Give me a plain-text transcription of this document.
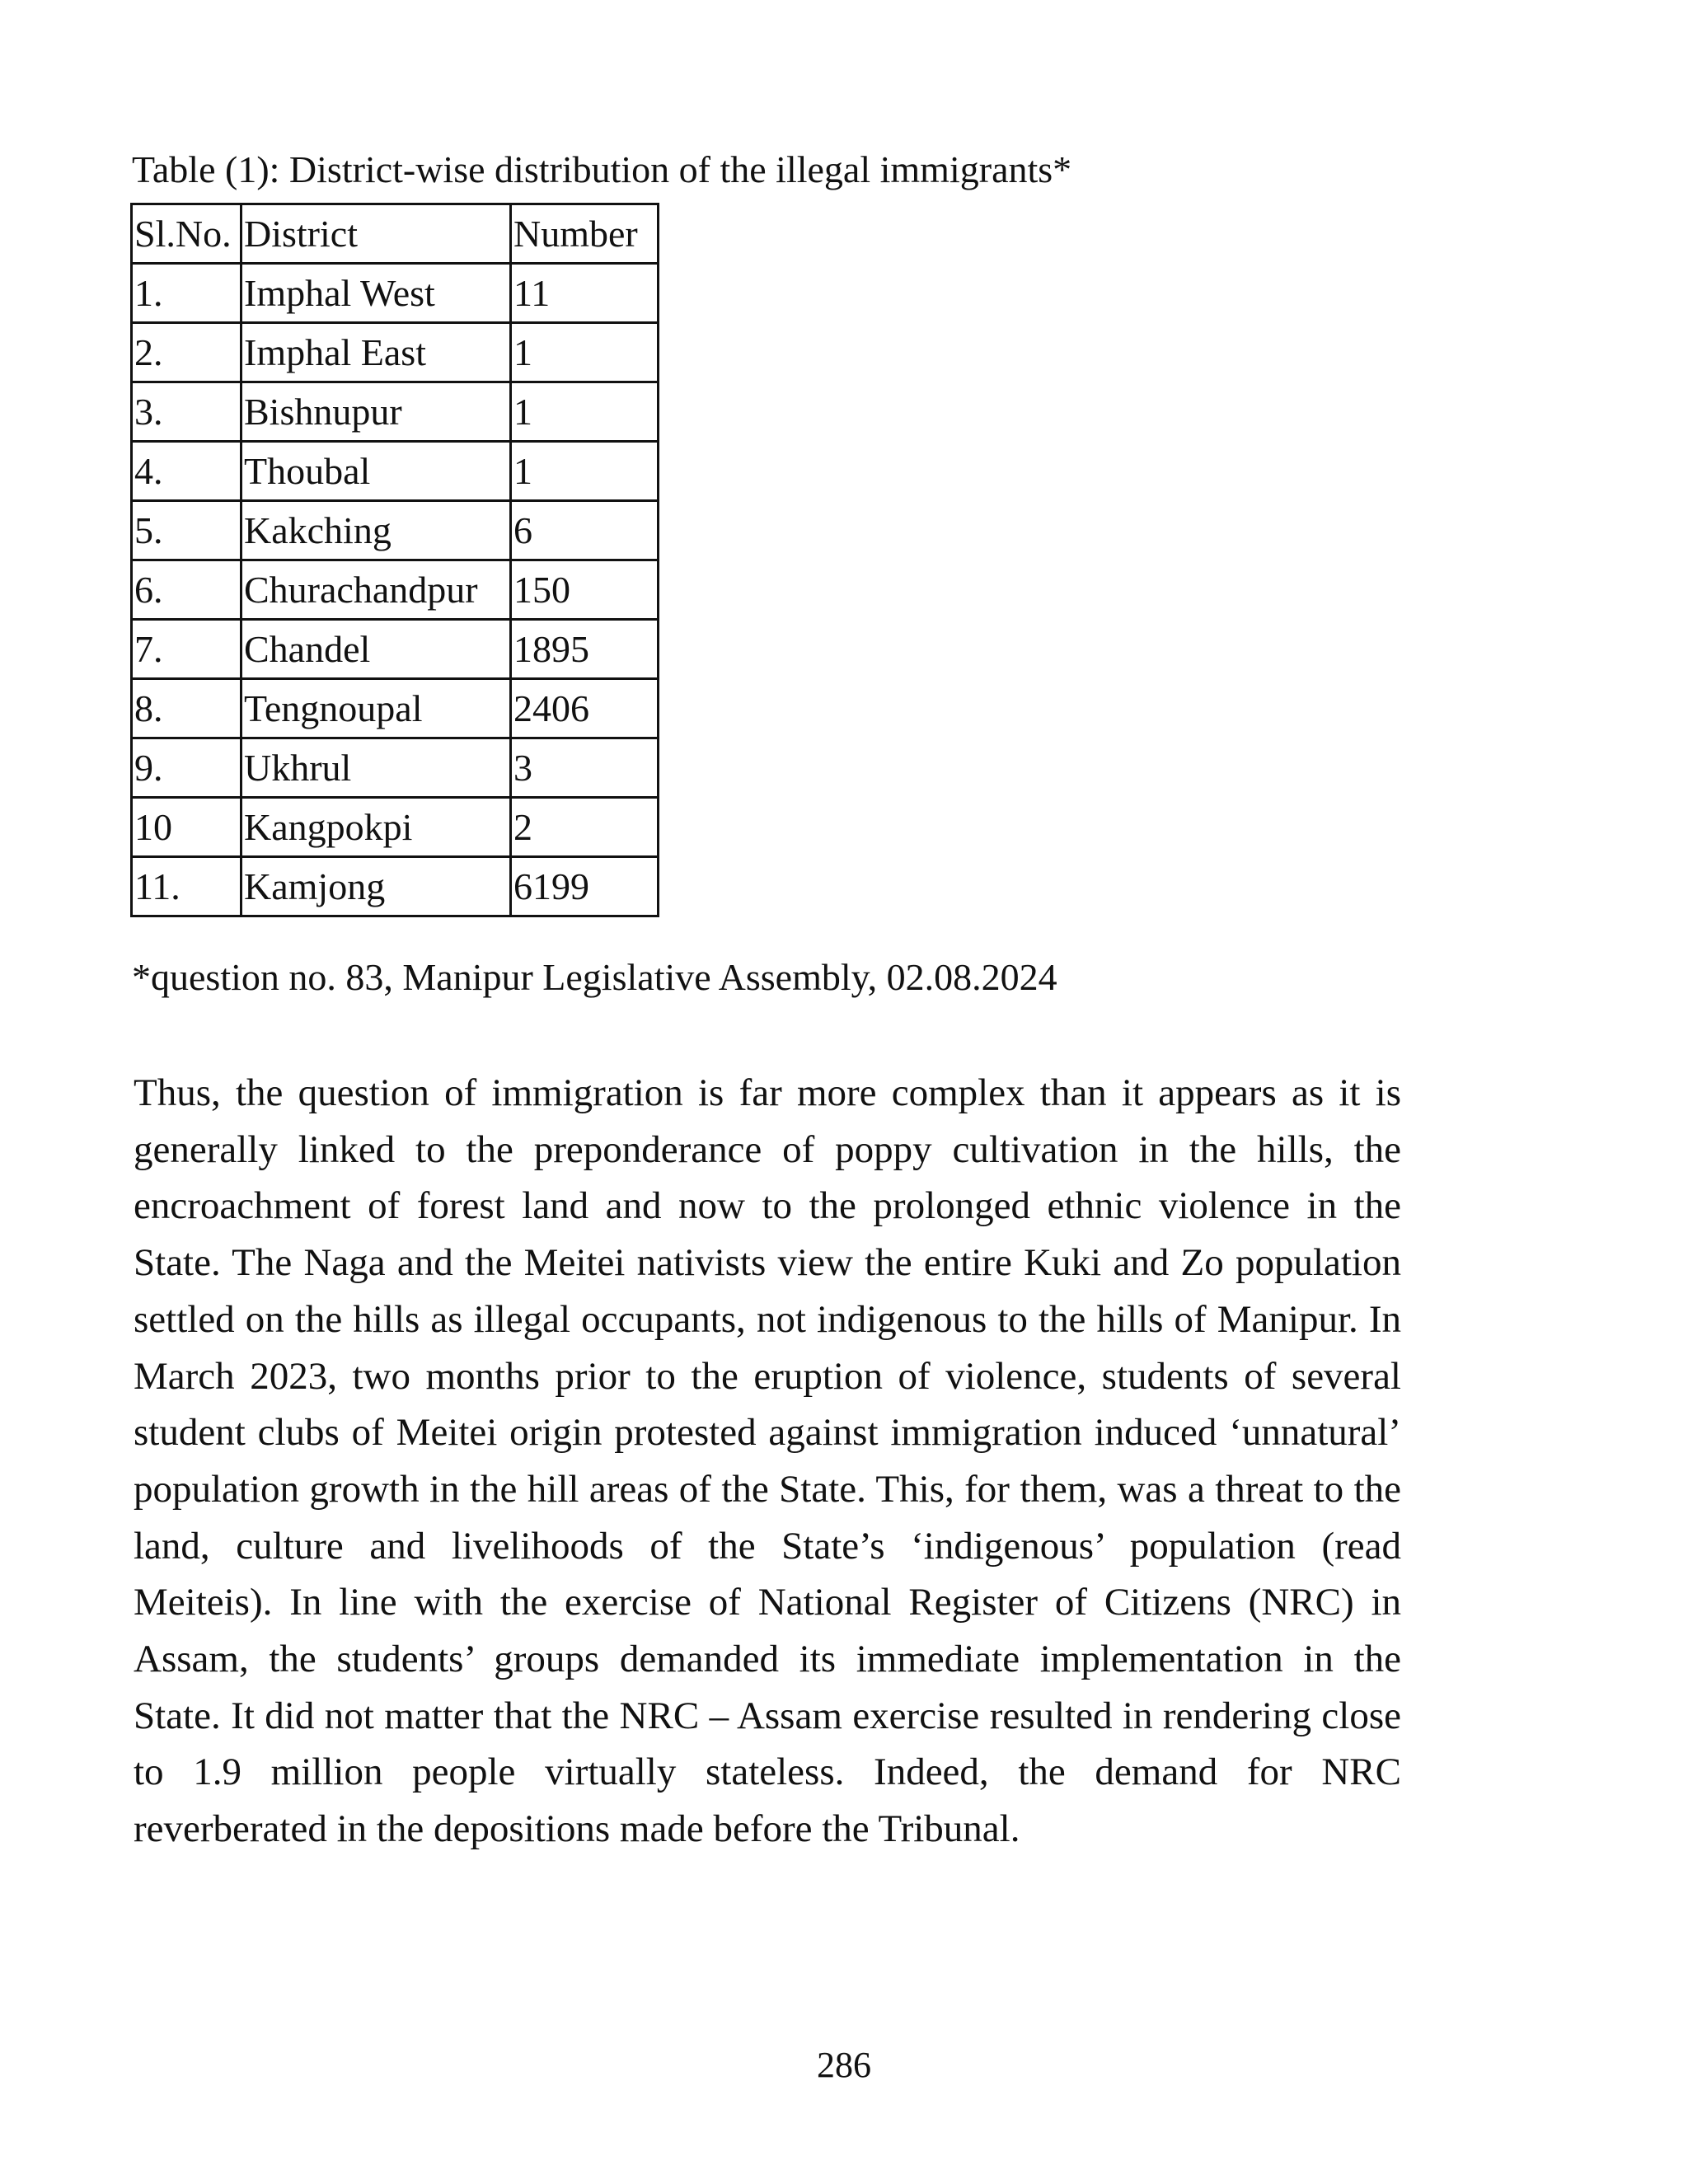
Table (1): District-wise distribution of the illegal immigrants*
Sl.No.	District	Number
1.	Imphal West	11
2.	Imphal East	1
3.	Bishnupur	1
4.	Thoubal	1
5.	Kakching	6
6.	Churachandpur	150
7.	Chandel	1895
8.	Tengnoupal	2406
9.	Ukhrul	3
10	Kangpokpi	2
11.	Kamjong	6199
*question no. 83, Manipur Legislative Assembly, 02.08.2024

Thus, the question of immigration is far more complex than it appears as it is generally linked to the preponderance of poppy cultivation in the hills, the encroachment of forest land and now to the prolonged ethnic violence in the State. The Naga and the Meitei nativists view the entire Kuki and Zo population settled on the hills as illegal occupants, not indigenous to the hills of Manipur. In March 2023, two months prior to the eruption of violence, students of several student clubs of Meitei origin protested against immigration induced ‘unnatural’ population growth in the hill areas of the State. This, for them, was a threat to the land, culture and livelihoods of the State’s ‘indigenous’ population (read Meiteis). In line with the exercise of National Register of Citizens (NRC) in Assam, the students’ groups demanded its immediate implementation in the State. It did not matter that the NRC – Assam exercise resulted in rendering close to 1.9 million people virtually stateless. Indeed, the demand for NRC reverberated in the depositions made before the Tribunal.

286
